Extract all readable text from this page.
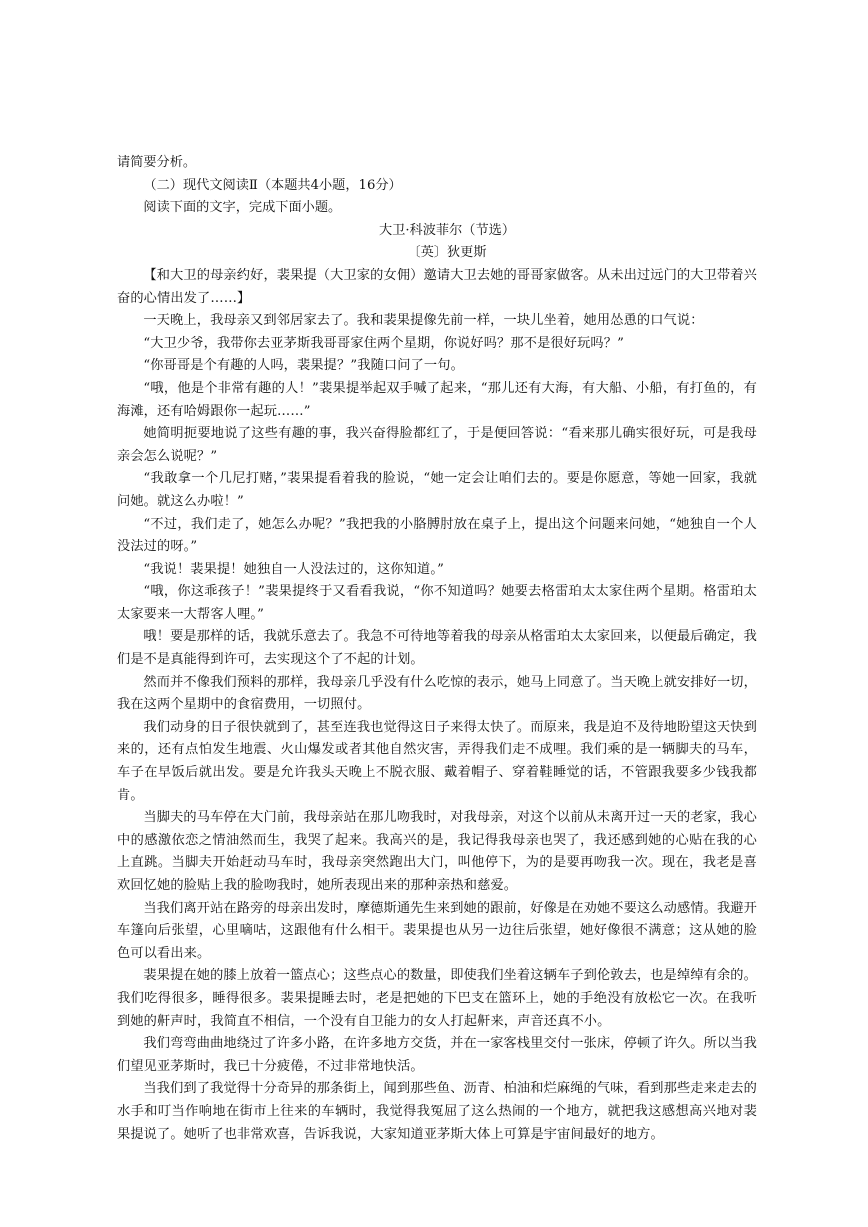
请简要分析。

（二）现代文阅读Ⅱ（本题共4小题，16分）

阅读下面的文字，完成下面小题。

大卫·科波菲尔（节选）

〔英〕狄更斯

【和大卫的母亲约好，裴果提（大卫家的女佣）邀请大卫去她的哥哥家做客。从未出过远门的大卫带着兴奋的心情出发了……】

一天晚上，我母亲又到邻居家去了。我和裴果提像先前一样，一块儿坐着，她用怂恿的口气说：

“大卫少爷，我带你去亚茅斯我哥哥家住两个星期，你说好吗？那不是很好玩吗？”

“你哥哥是个有趣的人吗，裴果提？”我随口问了一句。

“哦，他是个非常有趣的人！”裴果提举起双手喊了起来，“那儿还有大海，有大船、小船，有打鱼的，有海滩，还有哈姆跟你一起玩……”

她简明扼要地说了这些有趣的事，我兴奋得脸都红了，于是便回答说：“看来那儿确实很好玩，可是我母亲会怎么说呢？”

“我敢拿一个几尼打赌，”裴果提看着我的脸说，“她一定会让咱们去的。要是你愿意，等她一回家，我就问她。就这么办啦！”

“不过，我们走了，她怎么办呢？”我把我的小胳膊肘放在桌子上，提出这个问题来问她，“她独自一个人没法过的呀。”

“我说！裴果提！她独自一人没法过的，这你知道。”

“哦，你这乖孩子！”裴果提终于又看看我说，“你不知道吗？她要去格雷珀太太家住两个星期。格雷珀太太家要来一大帮客人哩。”

哦！要是那样的话，我就乐意去了。我急不可待地等着我的母亲从格雷珀太太家回来，以便最后确定，我们是不是真能得到许可，去实现这个了不起的计划。

然而并不像我们预料的那样，我母亲几乎没有什么吃惊的表示，她马上同意了。当天晚上就安排好一切，我在这两个星期中的食宿费用，一切照付。

我们动身的日子很快就到了，甚至连我也觉得这日子来得太快了。而原来，我是迫不及待地盼望这天快到来的，还有点怕发生地震、火山爆发或者其他自然灾害，弄得我们走不成哩。我们乘的是一辆脚夫的马车，车子在早饭后就出发。要是允许我头天晚上不脱衣服、戴着帽子、穿着鞋睡觉的话，不管跟我要多少钱我都肯。

当脚夫的马车停在大门前，我母亲站在那儿吻我时，对我母亲，对这个以前从未离开过一天的老家，我心中的感激依恋之情油然而生，我哭了起来。我高兴的是，我记得我母亲也哭了，我还感到她的心贴在我的心上直跳。当脚夫开始赶动马车时，我母亲突然跑出大门，叫他停下，为的是要再吻我一次。现在，我老是喜欢回忆她的脸贴上我的脸吻我时，她所表现出来的那种亲热和慈爱。

当我们离开站在路旁的母亲出发时，摩德斯通先生来到她的跟前，好像是在劝她不要这么动感情。我避开车篷向后张望，心里嘀咕，这跟他有什么相干。裴果提也从另一边往后张望，她好像很不满意；这从她的脸色可以看出来。

裴果提在她的膝上放着一篮点心；这些点心的数量，即使我们坐着这辆车子到伦敦去，也是绰绰有余的。我们吃得很多，睡得很多。裴果提睡去时，老是把她的下巴支在篮环上，她的手绝没有放松它一次。在我听到她的鼾声时，我简直不相信，一个没有自卫能力的女人打起鼾来，声音还真不小。

我们弯弯曲曲地绕过了许多小路，在许多地方交货，并在一家客栈里交付一张床，停顿了许久。所以当我们望见亚茅斯时，我已十分疲倦，不过非常地快活。

当我们到了我觉得十分奇异的那条街上，闻到那些鱼、沥青、柏油和烂麻绳的气味，看到那些走来走去的水手和叮当作响地在街市上往来的车辆时，我觉得我冤屈了这么热闹的一个地方，就把我这感想高兴地对裴果提说了。她听了也非常欢喜，告诉我说，大家知道亚茅斯大体上可算是宇宙间最好的地方。
